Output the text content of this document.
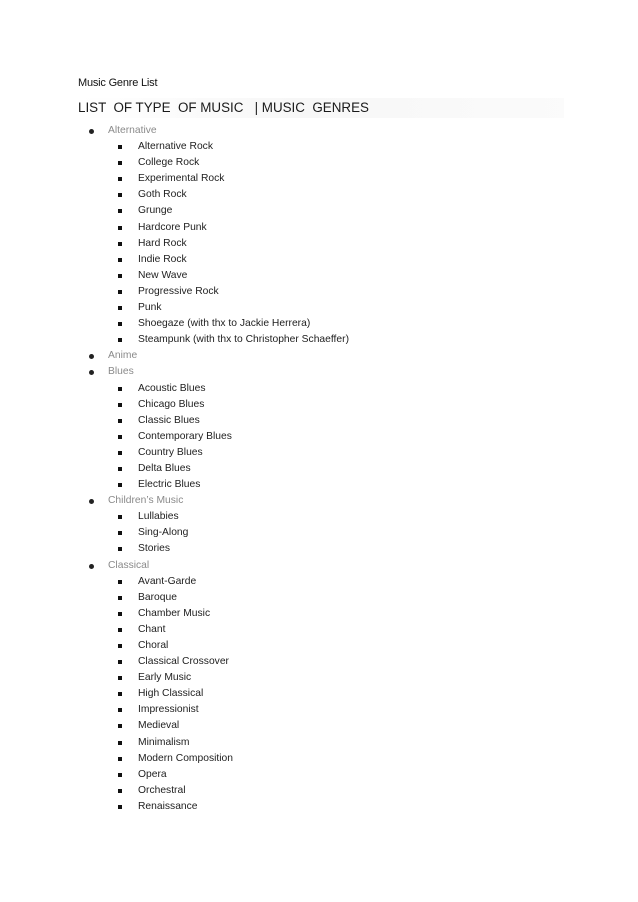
Music Genre List
LIST  OF TYPE  OF MUSIC   | MUSIC  GENRES
Alternative
Alternative Rock
College Rock
Experimental Rock
Goth Rock
Grunge
Hardcore Punk
Hard Rock
Indie Rock
New Wave
Progressive Rock
Punk
Shoegaze (with thx to Jackie Herrera)
Steampunk (with thx to Christopher Schaeffer)
Anime
Blues
Acoustic Blues
Chicago Blues
Classic Blues
Contemporary Blues
Country Blues
Delta Blues
Electric Blues
Children’s Music
Lullabies
Sing-Along
Stories
Classical
Avant-Garde
Baroque
Chamber Music
Chant
Choral
Classical Crossover
Early Music
High Classical
Impressionist
Medieval
Minimalism
Modern Composition
Opera
Orchestral
Renaissance
